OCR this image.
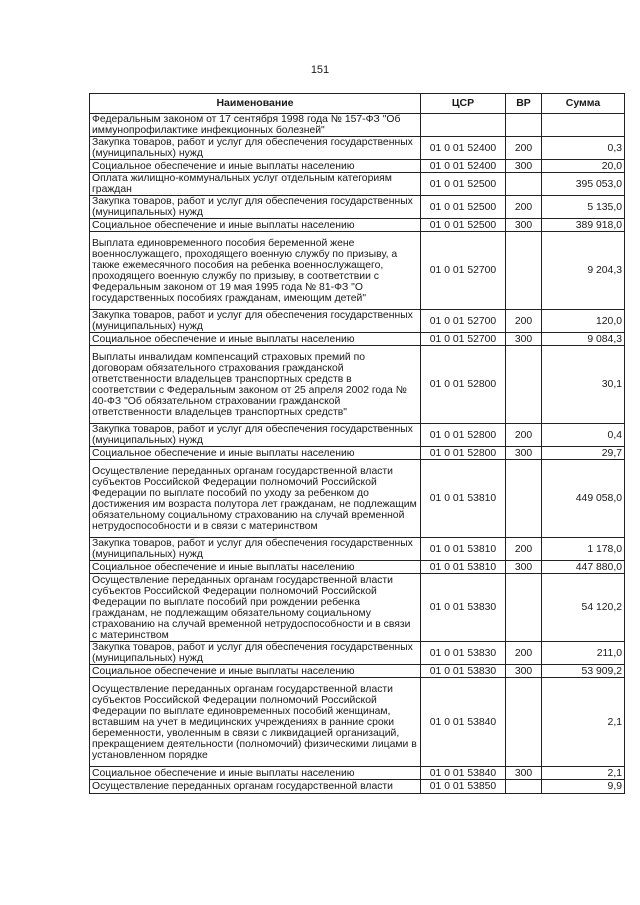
151
Наименование	ЦСР	ВР	Сумма
Федеральным законом от 17 сентября 1998 года № 157-ФЗ "Об иммунопрофилактике инфекционных болезней"			
Закупка товаров, работ и услуг для обеспечения государственных (муниципальных) нужд	01 0 01 52400	200	0,3
Социальное обеспечение и иные выплаты населению	01 0 01 52400	300	20,0
Оплата жилищно-коммунальных услуг отдельным категориям граждан	01 0 01 52500		395 053,0
Закупка товаров, работ и услуг для обеспечения государственных (муниципальных) нужд	01 0 01 52500	200	5 135,0
Социальное обеспечение и иные выплаты населению	01 0 01 52500	300	389 918,0
Выплата единовременного пособия беременной жене военнослужащего, проходящего военную службу по призыву, а также ежемесячного пособия на ребенка военнослужащего, проходящего военную службу по призыву, в соответствии с Федеральным законом от 19 мая 1995 года № 81-ФЗ "О государственных пособиях гражданам, имеющим детей"	01 0 01 52700		9 204,3
Закупка товаров, работ и услуг для обеспечения государственных (муниципальных) нужд	01 0 01 52700	200	120,0
Социальное обеспечение и иные выплаты населению	01 0 01 52700	300	9 084,3
Выплаты инвалидам компенсаций страховых премий по договорам обязательного страхования гражданской ответственности владельцев транспортных средств в соответствии с Федеральным законом от 25 апреля 2002 года № 40-ФЗ "Об обязательном страховании гражданской ответственности владельцев транспортных средств"	01 0 01 52800		30,1
Закупка товаров, работ и услуг для обеспечения государственных (муниципальных) нужд	01 0 01 52800	200	0,4
Социальное обеспечение и иные выплаты населению	01 0 01 52800	300	29,7
Осуществление переданных органам государственной власти субъектов Российской Федерации полномочий Российской Федерации по выплате пособий по уходу за ребенком до достижения им возраста полутора лет гражданам, не подлежащим обязательному социальному страхованию на случай временной нетрудоспособности и в связи с материнством	01 0 01 53810		449 058,0
Закупка товаров, работ и услуг для обеспечения государственных (муниципальных) нужд	01 0 01 53810	200	1 178,0
Социальное обеспечение и иные выплаты населению	01 0 01 53810	300	447 880,0
Осуществление переданных органам государственной власти субъектов Российской Федерации полномочий Российской Федерации по выплате пособий при рождении ребенка гражданам, не подлежащим обязательному социальному страхованию на случай временной нетрудоспособности и в связи с материнством	01 0 01 53830		54 120,2
Закупка товаров, работ и услуг для обеспечения государственных (муниципальных) нужд	01 0 01 53830	200	211,0
Социальное обеспечение и иные выплаты населению	01 0 01 53830	300	53 909,2
Осуществление переданных органам государственной власти субъектов Российской Федерации полномочий Российской Федерации по выплате единовременных пособий женщинам, вставшим на учет в медицинских учреждениях в ранние сроки беременности, уволенным в связи с ликвидацией организаций, прекращением деятельности (полномочий) физическими лицами в установленном порядке	01 0 01 53840		2,1
Социальное обеспечение и иные выплаты населению	01 0 01 53840	300	2,1
Осуществление переданных органам государственной власти	01 0 01 53850		9,9
